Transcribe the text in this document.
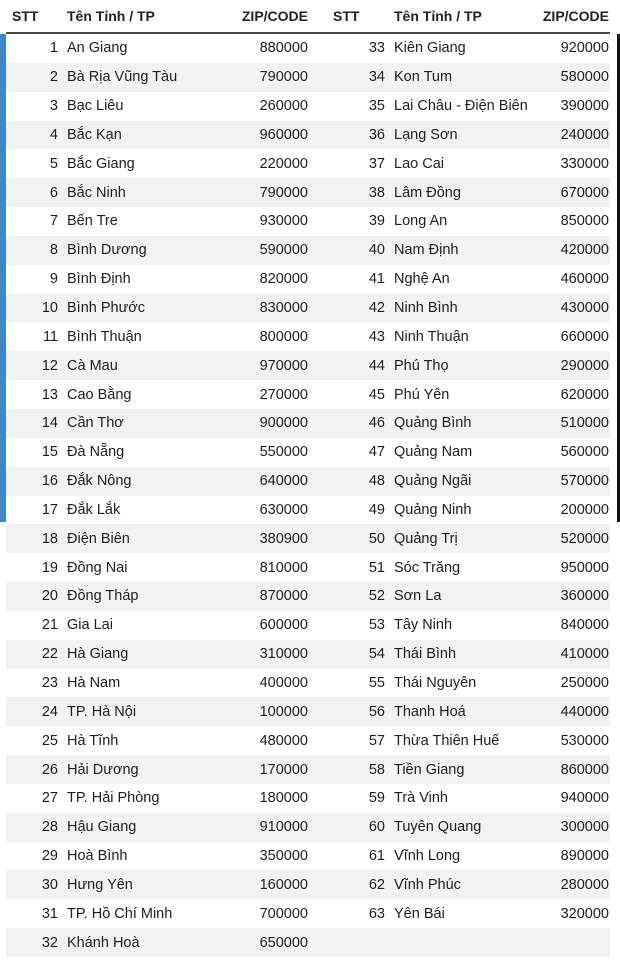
STT	Tên Tỉnh / TP	ZIP/CODE	STT	Tên Tỉnh / TP	ZIP/CODE
1 An Giang	880000	33 Kiên Giang	920000
2 Bà Rịa Vũng Tàu	790000	34 Kon Tum	580000
3 Bạc Liêu	260000	35 Lai Châu - Điện Biên	390000
4 Bắc Kạn	960000	36 Lạng Sơn	240000
5 Bắc Giang	220000	37 Lao Cai	330000
6 Bắc Ninh	790000	38 Lâm Đồng	670000
7 Bến Tre	930000	39 Long An	850000
8 Bình Dương	590000	40 Nam Định	420000
9 Bình Định	820000	41 Nghệ An	460000
10 Bình Phước	830000	42 Ninh Bình	430000
11 Bình Thuận	800000	43 Ninh Thuận	660000
12 Cà Mau	970000	44 Phú Thọ	290000
13 Cao Bằng	270000	45 Phú Yên	620000
14 Cần Thơ	900000	46 Quảng Bình	510000
15 Đà Nẵng	550000	47 Quảng Nam	560000
16 Đắk Nông	640000	48 Quảng Ngãi	570000
17 Đắk Lắk	630000	49 Quảng Ninh	200000
18 Điện Biên	380900	50 Quảng Trị	520000
19 Đồng Nai	810000	51 Sóc Trăng	950000
20 Đồng Tháp	870000	52 Sơn La	360000
21 Gia Lai	600000	53 Tây Ninh	840000
22 Hà Giang	310000	54 Thái Bình	410000
23 Hà Nam	400000	55 Thái Nguyên	250000
24 TP. Hà Nội	100000	56 Thanh Hoá	440000
25 Hà Tĩnh	480000	57 Thừa Thiên Huế	530000
26 Hải Dương	170000	58 Tiền Giang	860000
27 TP. Hải Phòng	180000	59 Trà Vinh	940000
28 Hậu Giang	910000	60 Tuyên Quang	300000
29 Hoà Bình	350000	61 Vĩnh Long	890000
30 Hưng Yên	160000	62 Vĩnh Phúc	280000
31 TP. Hồ Chí Minh	700000	63 Yên Bái	320000
32 Khánh Hoà	650000
